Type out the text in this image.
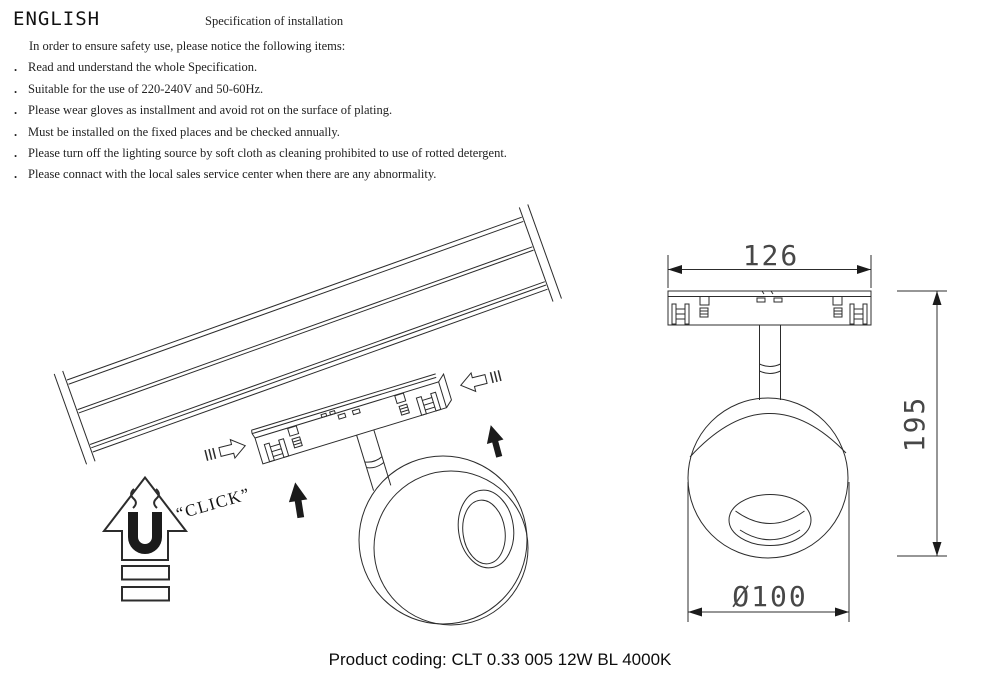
ENGLISH	Specification of installation

In order to ensure safety use, please notice the following items:

. Read and understand the whole Specification.
. Suitable for the use of 220-240V and 50-60Hz.
. Please wear gloves as installment and avoid rot on the surface of plating.
. Must be installed on the fixed places and be checked annually.
. Please turn off the lighting source by soft cloth as cleaning prohibited to use of rotted detergent.
. Please connact with the local sales service center when there are any abnormality.
“CLICK”
126
Ø100
195
Product coding: CLT 0.33 005 12W BL 4000K
